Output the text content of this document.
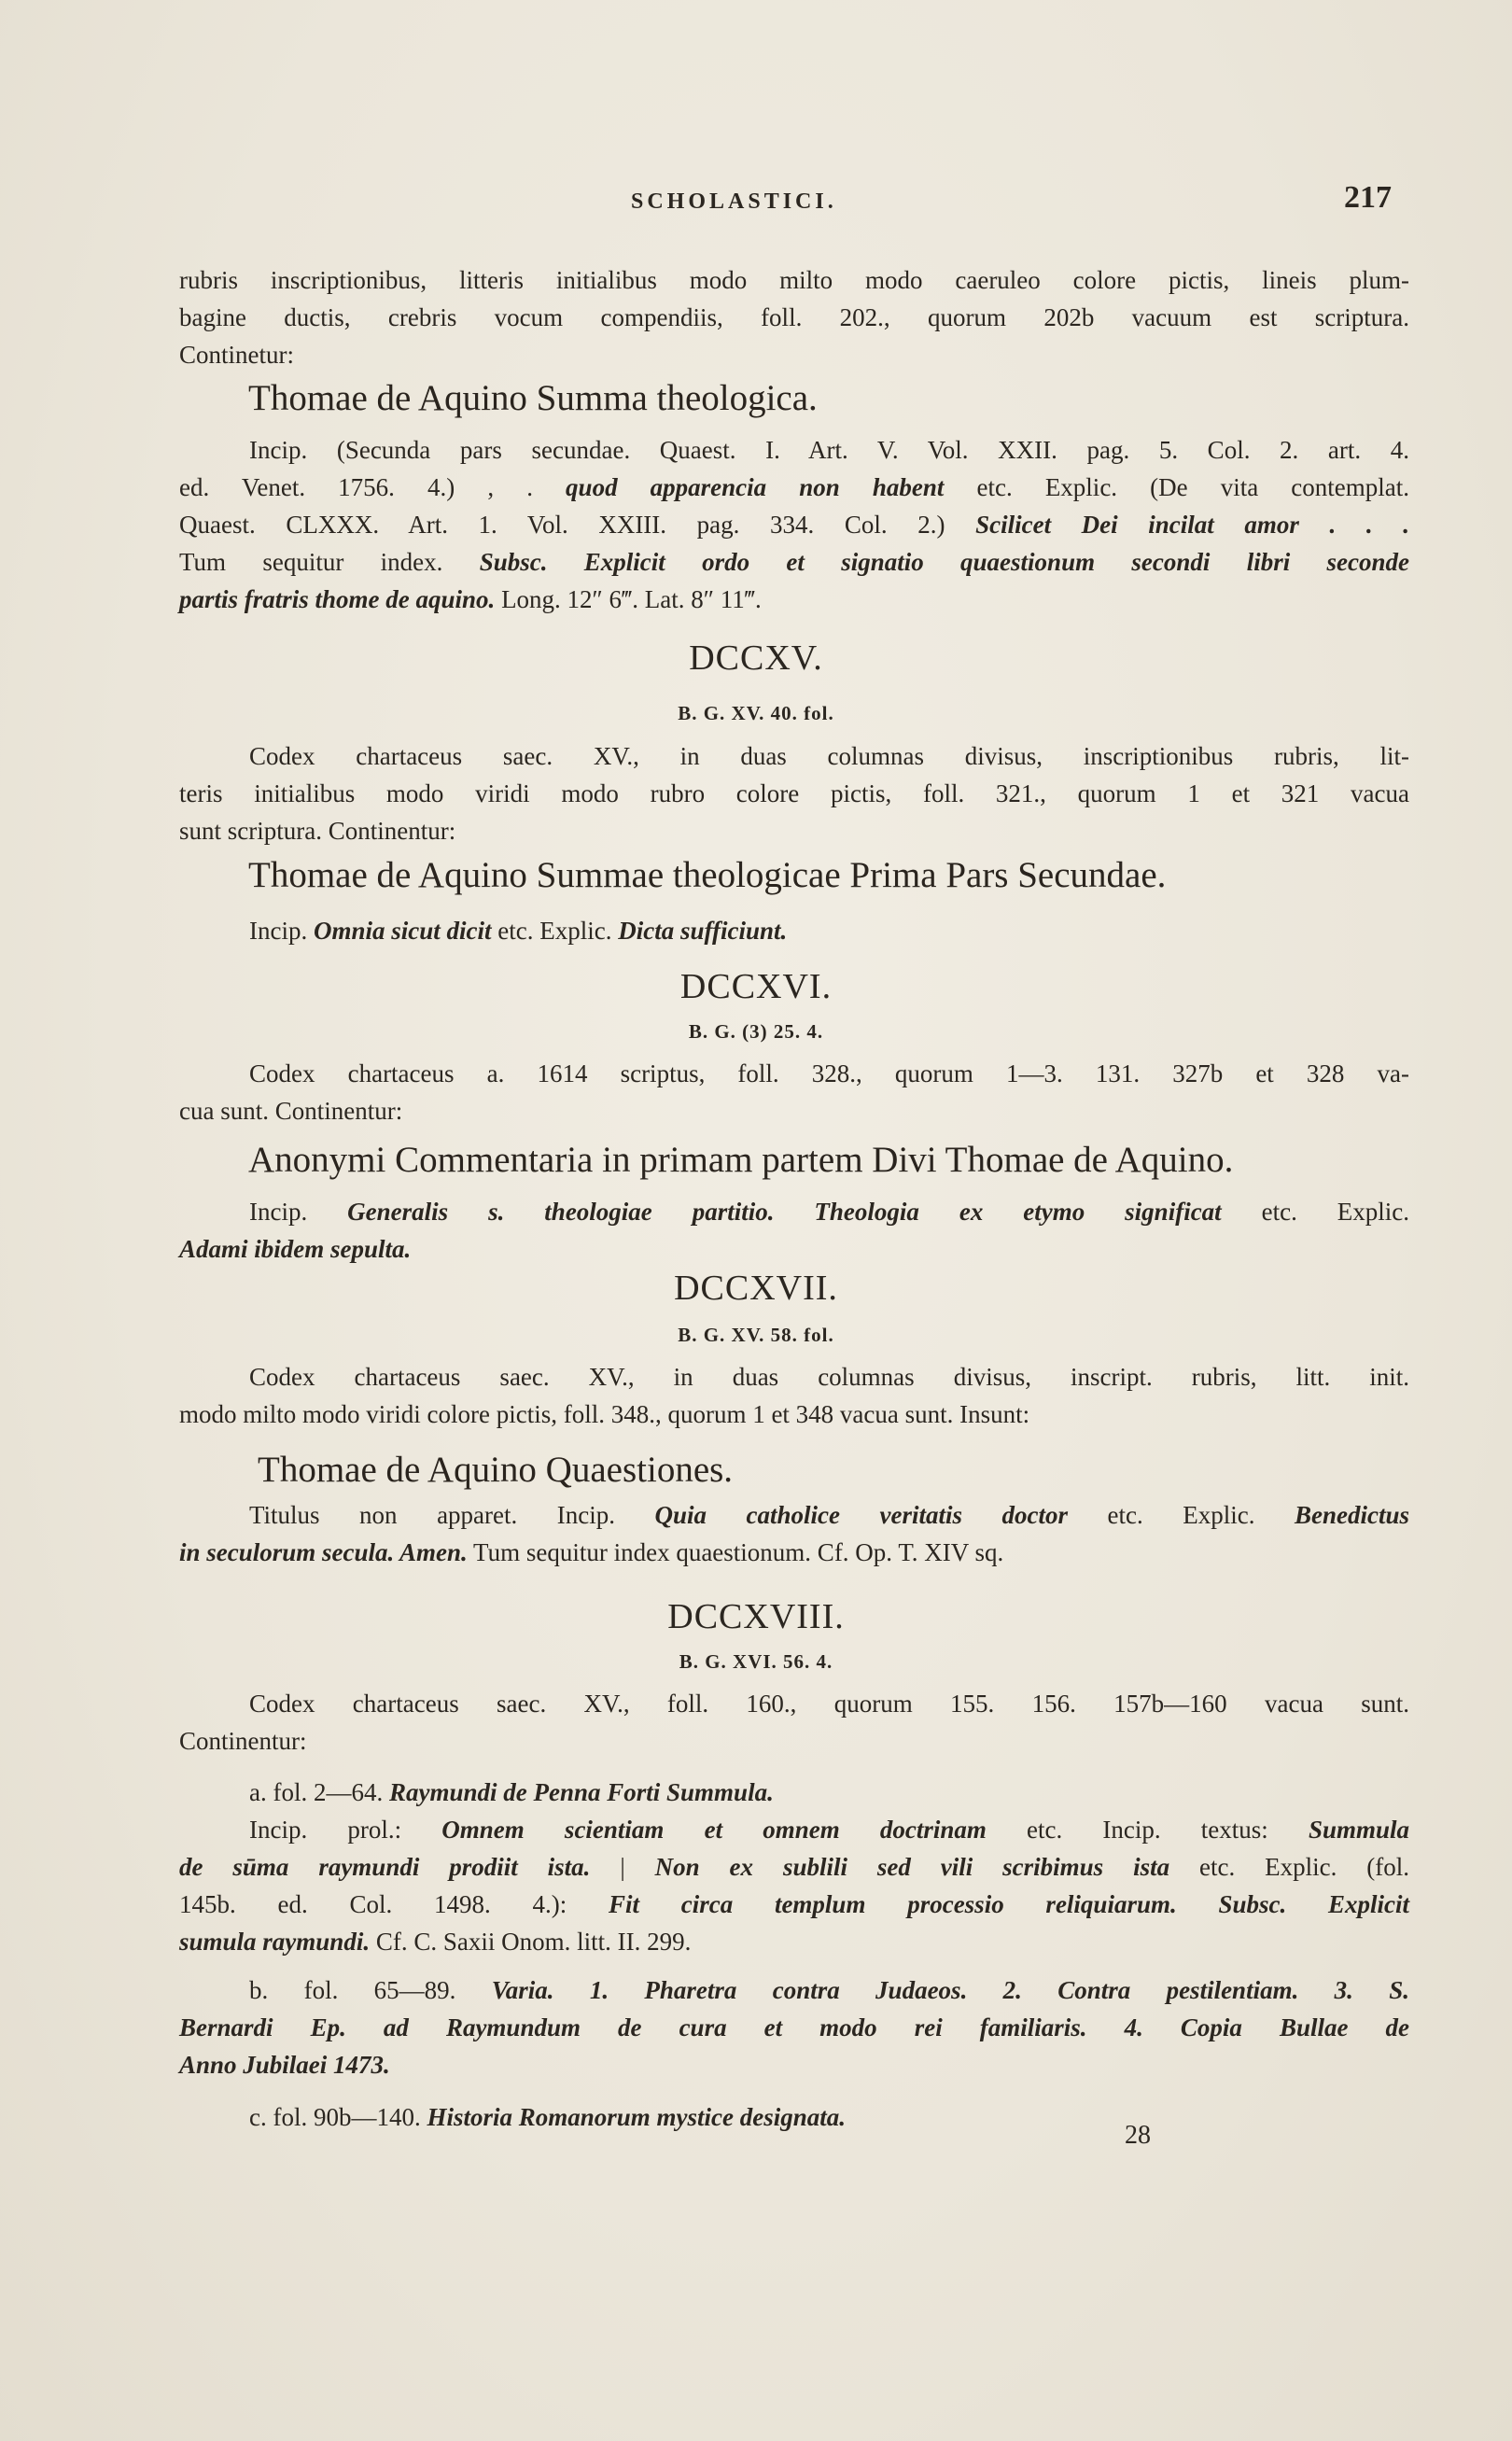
SCHOLASTICI.	217
rubris inscriptionibus, litteris initialibus modo milto modo caeruleo colore pictis, lineis plum-
bagine ductis, crebris vocum compendiis, foll. 202., quorum 202b vacuum est scriptura.
Continetur:
Thomae de Aquino Summa theologica.
Incip. (Secunda pars secundae. Quaest. I. Art. V. Vol. XXII. pag. 5. Col. 2. art. 4.
ed. Venet. 1756. 4.) , . quod apparencia non habent etc. Explic. (De vita contemplat.
Quaest. CLXXX. Art. 1. Vol. XXIII. pag. 334. Col. 2.) Scilicet Dei incilat amor . . .
Tum sequitur index. Subsc. Explicit ordo et signatio quaestionum secondi libri seconde
partis fratris thome de aquino. Long. 12″ 6‴. Lat. 8″ 11‴.
DCCXV.
B. G. XV. 40. fol.
Codex chartaceus saec. XV., in duas columnas divisus, inscriptionibus rubris, lit-
teris initialibus modo viridi modo rubro colore pictis, foll. 321., quorum 1 et 321 vacua
sunt scriptura. Continentur:
Thomae de Aquino Summae theologicae Prima Pars Secundae.
Incip. Omnia sicut dicit etc. Explic. Dicta sufficiunt.
DCCXVI.
B. G. (3) 25. 4.
Codex chartaceus a. 1614 scriptus, foll. 328., quorum 1—3. 131. 327b et 328 va-
cua sunt. Continentur:
Anonymi Commentaria in primam partem Divi Thomae de Aquino.
Incip. Generalis s. theologiae partitio. Theologia ex etymo significat etc. Explic.
Adami ibidem sepulta.
DCCXVII.
B. G. XV. 58. fol.
Codex chartaceus saec. XV., in duas columnas divisus, inscript. rubris, litt. init.
modo milto modo viridi colore pictis, foll. 348., quorum 1 et 348 vacua sunt. Insunt:
Thomae de Aquino Quaestiones.
Titulus non apparet. Incip. Quia catholice veritatis doctor etc. Explic. Benedictus
in seculorum secula. Amen. Tum sequitur index quaestionum. Cf. Op. T. XIV sq.
DCCXVIII.
B. G. XVI. 56. 4.
Codex chartaceus saec. XV., foll. 160., quorum 155. 156. 157b—160 vacua sunt.
Continentur:
a. fol. 2—64. Raymundi de Penna Forti Summula.
Incip. prol.: Omnem scientiam et omnem doctrinam etc. Incip. textus: Summula
de sūma raymundi prodiit ista. | Non ex sublili sed vili scribimus ista etc. Explic. (fol.
145b. ed. Col. 1498. 4.): Fit circa templum processio reliquiarum. Subsc. Explicit
sumula raymundi. Cf. C. Saxii Onom. litt. II. 299.
b. fol. 65—89. Varia. 1. Pharetra contra Judaeos. 2. Contra pestilentiam. 3. S.
Bernardi Ep. ad Raymundum de cura et modo rei familiaris. 4. Copia Bullae de
Anno Jubilaei 1473.
c. fol. 90b—140. Historia Romanorum mystice designata.
28
